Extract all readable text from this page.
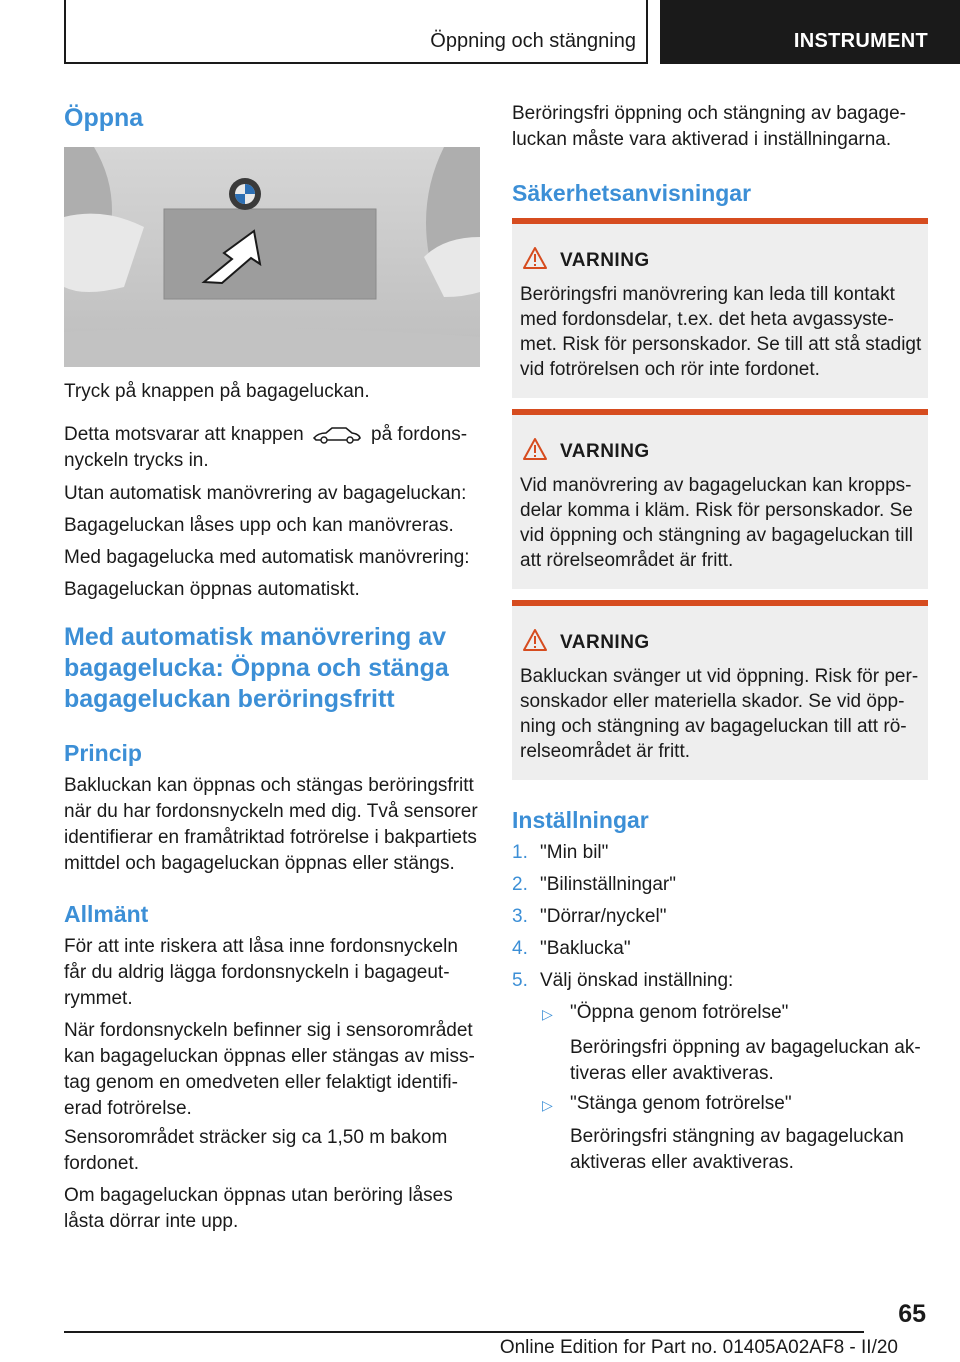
Öppning och stängning	INSTRUMENT
Öppna

Tryck på knappen på bagageluckan.

Detta motsvarar att knappen	på fordons-

nyckeln trycks in.

Utan automatisk manövrering av bagageluckan:

Bagageluckan låses upp och kan manövreras.

Med bagagelucka med automatisk manövrering:

Bagageluckan öppnas automatiskt.

Med automatisk manövrering av
bagagelucka: Öppna och stänga
bagageluckan beröringsfritt
Princip
Bakluckan kan öppnas och stängas beröringsfritt
när du har fordonsnyckeln med dig. Två sensorer
identifierar en framåtriktad fotrörelse i bakpartiets
mittdel och bagageluckan öppnas eller stängs.
Allmänt
För att inte riskera att låsa inne fordonsnyckeln
får du aldrig lägga fordonsnyckeln i bagageut-
rymmet.
När fordonsnyckeln befinner sig i sensorområdet
kan bagageluckan öppnas eller stängas av miss-
tag genom en omedveten eller felaktigt identifi-
erad fotrörelse.
Sensorområdet sträcker sig ca 1,50 m bakom
fordonet.
Om bagageluckan öppnas utan beröring låses
låsta dörrar inte upp.
Beröringsfri öppning och stängning av bagage-
luckan måste vara aktiverad i inställningarna.
Säkerhetsanvisningar
VARNING
Beröringsfri manövrering kan leda till kontakt
med fordonsdelar, t.ex. det heta avgassyste-
met. Risk för personskador. Se till att stå stadigt
vid fotrörelsen och rör inte fordonet.
VARNING
Vid manövrering av bagageluckan kan kropps-
delar komma i kläm. Risk för personskador. Se
vid öppning och stängning av bagageluckan till
att rörelseområdet är fritt.
VARNING
Bakluckan svänger ut vid öppning. Risk för per-
sonskador eller materiella skador. Se vid öpp-
ning och stängning av bagageluckan till att rö-
relseområdet är fritt.
Inställningar
1. "Min bil"
2. "Bilinställningar"
3. "Dörrar/nyckel"
4. "Baklucka"
5. Välj önskad inställning:
▷ "Öppna genom fotrörelse"
Beröringsfri öppning av bagageluckan ak-
tiveras eller avaktiveras.
▷ "Stänga genom fotrörelse"
Beröringsfri stängning av bagageluckan
aktiveras eller avaktiveras.
65
Online Edition for Part no. 01405A02AF8 - II/20
